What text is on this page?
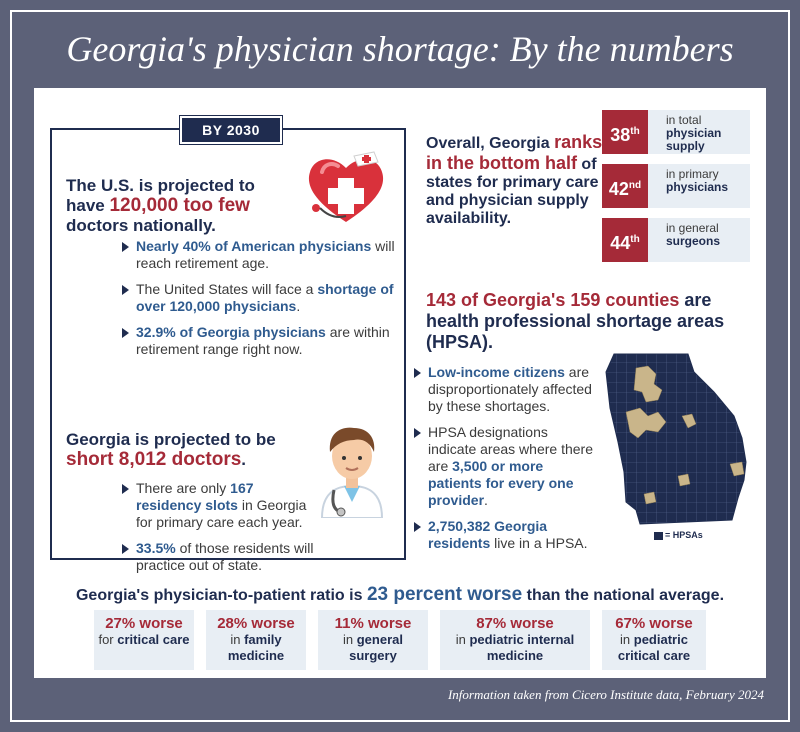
Georgia's physician shortage: By the numbers
BY 2030
The U.S. is projected to have 120,000 too few doctors nationally.
Nearly 40% of American physicians will reach retirement age.
The United States will face a shortage of over 120,000 physicians.
32.9% of Georgia physicians are within retirement range right now.
Georgia is projected to be short 8,012 doctors.
There are only 167 residency slots in Georgia for primary care each year.
33.5% of those residents will practice out of state.
Overall, Georgia ranks in the bottom half of states for primary care and physician supply availability.
38th
in total
physician supply
42nd
in primary
physicians
44th
in general
surgeons
143 of Georgia's 159 counties are health professional shortage areas (HPSA).
Low-income citizens are disproportionately affected by these shortages.
HPSA designations indicate areas where there are 3,500 or more patients for every one provider.
2,750,382 Georgia residents live in a HPSA.	= HPSAs
Georgia's physician-to-patient ratio is 23 percent worse than the national average.
27% worse
for critical care
28% worse
in family medicine
11% worse
in general surgery
87% worse
in pediatric internal medicine
67% worse
in pediatric critical care
Information taken from Cicero Institute data, February 2024
